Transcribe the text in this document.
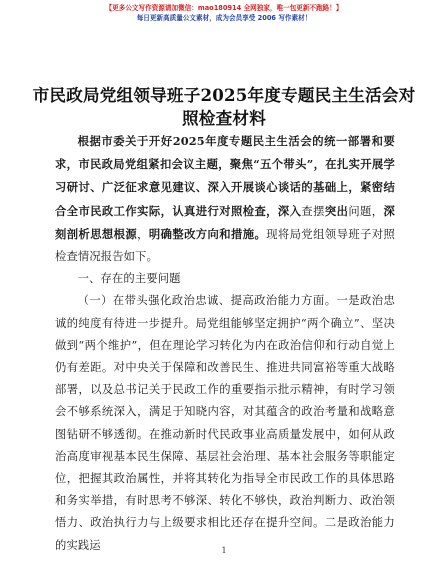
【更多公文写作资源请加微信：mao180914 全网独家，唯一包更新不跑路！】
每日更新高质量公文素材，成为会员享受 2006 写作素材！
市民政局党组领导班子2025年度专题民主生活会对照检查材料

根据市委关于开好2025年度专题民主生活会的统一部署和要求，市民政局党组紧扣会议主题，聚焦“五个带头”，在扎实开展学习研讨、广泛征求意见建议、深入开展谈心谈话的基础上，紧密结合全市民政工作实际，认真进行对照检查，深入查摆突出问题，深刻剖析思想根源，明确整改方向和措施。现将局党组领导班子对照检查情况报告如下。

一、存在的主要问题

（一）在带头强化政治忠诚、提高政治能力方面。一是政治忠诚的纯度有待进一步提升。局党组能够坚定拥护“两个确立”、坚决做到“两个维护”，但在理论学习转化为内在政治信仰和行动自觉上仍有差距。对中央关于保障和改善民生、推进共同富裕等重大战略部署，以及总书记关于民政工作的重要指示批示精神，有时学习领会不够系统深入，满足于知晓内容，对其蕴含的政治考量和战略意图钻研不够透彻。在推动新时代民政事业高质量发展中，如何从政治高度审视基本民生保障、基层社会治理、基本社会服务等职能定位，把握其政治属性，并将其转化为指导全市民政工作的具体思路和务实举措，有时思考不够深、转化不够快，政治判断力、政治领悟力、政治执行力与上级要求相比还存在提升空间。二是政治能力的实践运	1
